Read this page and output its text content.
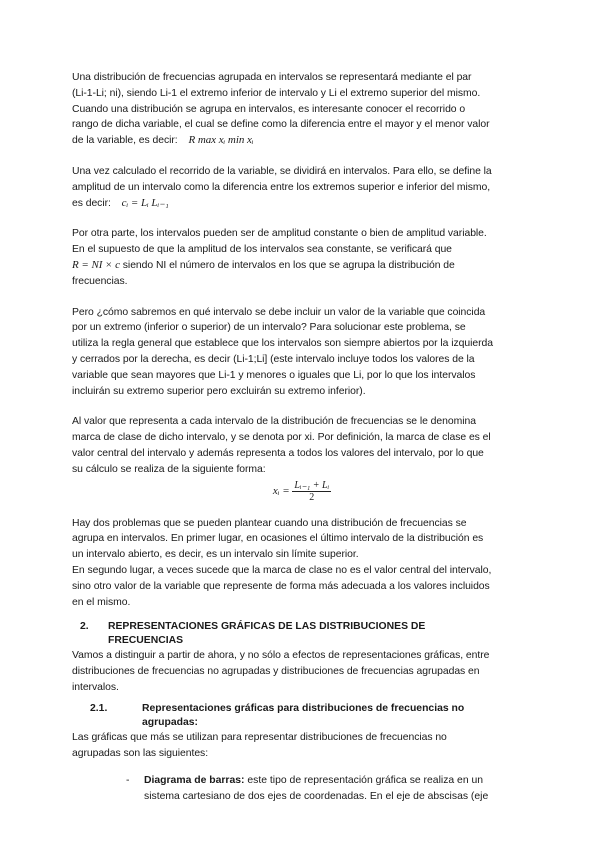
Una distribución de frecuencias agrupada en intervalos se representará mediante el par

(Li-1-Li; ni), siendo Li-1 el extremo inferior de intervalo y Li el extremo superior del mismo.

Cuando una distribución se agrupa en intervalos, es interesante conocer el recorrido o

rango de dicha variable, el cual se define como la diferencia entre el mayor y el menor valor

de la variable, es decir: R max xᵢ min xᵢ

Una vez calculado el recorrido de la variable, se dividirá en intervalos. Para ello, se define la

amplitud de un intervalo como la diferencia entre los extremos superior e inferior del mismo,

es decir: cᵢ = Lᵢ Lᵢ₋₁

Por otra parte, los intervalos pueden ser de amplitud constante o bien de amplitud variable.

En el supuesto de que la amplitud de los intervalos sea constante, se verificará que

R = NI × c siendo NI el número de intervalos en los que se agrupa la distribución de

frecuencias.

Pero ¿cómo sabremos en qué intervalo se debe incluir un valor de la variable que coincida

por un extremo (inferior o superior) de un intervalo? Para solucionar este problema, se

utiliza la regla general que establece que los intervalos son siempre abiertos por la izquierda

y cerrados por la derecha, es decir (Li-1;Li] (este intervalo incluye todos los valores de la

variable que sean mayores que Li-1 y menores o iguales que Li, por lo que los intervalos

incluirán su extremo superior pero excluirán su extremo inferior).

Al valor que representa a cada intervalo de la distribución de frecuencias se le denomina

marca de clase de dicho intervalo, y se denota por xi. Por definición, la marca de clase es el

valor central del intervalo y además representa a todos los valores del intervalo, por lo que

su cálculo se realiza de la siguiente forma:

xᵢ = $\frac{\text{Lᵢ₋₁ + Lᵢ}}{2}$

Hay dos problemas que se pueden plantear cuando una distribución de frecuencias se

agrupa en intervalos. En primer lugar, en ocasiones el último intervalo de la distribución es

un intervalo abierto, es decir, es un intervalo sin límite superior.

En segundo lugar, a veces sucede que la marca de clase no es el valor central del intervalo,

sino otro valor de la variable que represente de forma más adecuada a los valores incluidos

en el mismo.

2. REPRESENTACIONES GRÁFICAS DE LAS DISTRIBUCIONES DE
FRECUENCIAS

Vamos a distinguir a partir de ahora, y no sólo a efectos de representaciones gráficas, entre

distribuciones de frecuencias no agrupadas y distribuciones de frecuencias agrupadas en

intervalos.

2.1.	Representaciones gráficas para distribuciones de frecuencias no
agrupadas:

Las gráficas que más se utilizan para representar distribuciones de frecuencias no

agrupadas son las siguientes:

- Diagrama de barras: este tipo de representación gráfica se realiza en un
sistema cartesiano de dos ejes de coordenadas. En el eje de abscisas (eje
